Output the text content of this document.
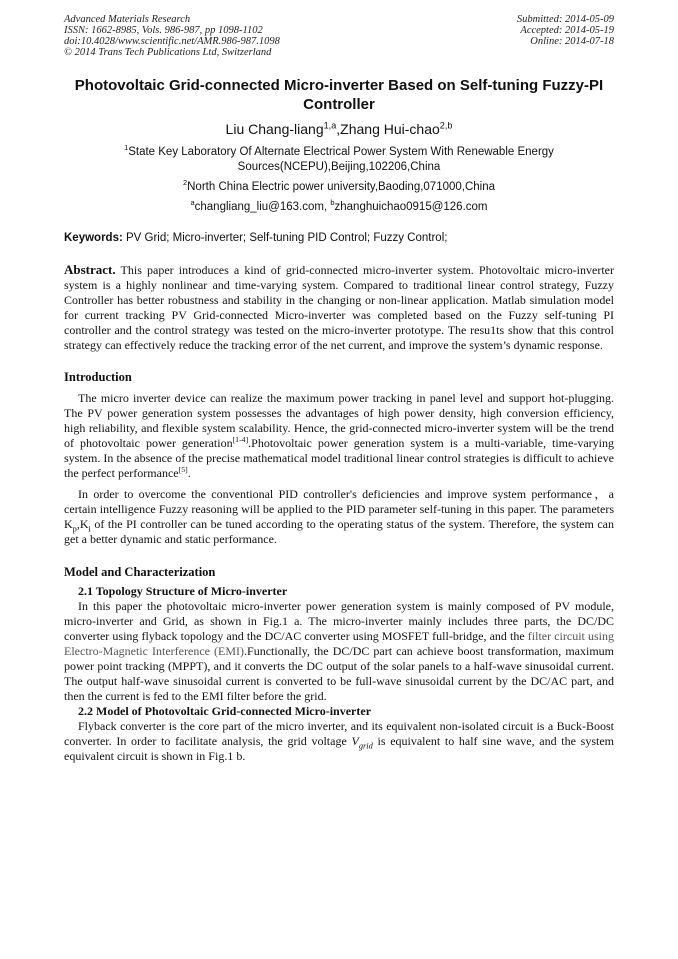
Advanced Materials Research
ISSN: 1662-8985, Vols. 986-987, pp 1098-1102
doi:10.4028/www.scientific.net/AMR.986-987.1098
© 2014 Trans Tech Publications Ltd, Switzerland
Submitted: 2014-05-09
Accepted: 2014-05-19
Online: 2014-07-18
Photovoltaic Grid-connected Micro-inverter Based on Self-tuning Fuzzy-PI Controller
Liu Chang-liang$^{1,a}$,Zhang Hui-chao$^{2,b}$
$^1$State Key Laboratory Of Alternate Electrical Power System With Renewable Energy Sources(NCEPU),Beijing,102206,China
$^2$North China Electric power university,Baoding,071000,China
$^a$changliang_liu@163.com, $^b$zhanghuichao0915@126.com
Keywords: PV Grid; Micro-inverter; Self-tuning PID Control; Fuzzy Control;
Abstract. This paper introduces a kind of grid-connected micro-inverter system. Photovoltaic micro-inverter system is a highly nonlinear and time-varying system. Compared to traditional linear control strategy, Fuzzy Controller has better robustness and stability in the changing or non-linear application. Matlab simulation model for current tracking PV Grid-connected Micro-inverter was completed based on the Fuzzy self-tuning PI controller and the control strategy was tested on the micro-inverter prototype. The resu1ts show that this control strategy can effectively reduce the tracking error of the net current, and improve the system’s dynamic response.
Introduction
The micro inverter device can realize the maximum power tracking in panel level and support hot-plugging. The PV power generation system possesses the advantages of high power density, high conversion efficiency, high reliability, and flexible system scalability. Hence, the grid-connected micro-inverter system will be the trend of photovoltaic power generation[1-4].Photovoltaic power generation system is a multi-variable, time-varying system. In the absence of the precise mathematical model traditional linear control strategies is difficult to achieve the perfect performance[5].
In order to overcome the conventional PID controller's deficiencies and improve system performance，a certain intelligence Fuzzy reasoning will be applied to the PID parameter self-tuning in this paper. The parameters $K_p,K_i$ of the PI controller can be tuned according to the operating status of the system. Therefore, the system can get a better dynamic and static performance.
Model and Characterization
2.1 Topology Structure of Micro-inverter
In this paper the photovoltaic micro-inverter power generation system is mainly composed of PV module, micro-inverter and Grid, as shown in Fig.1 a. The micro-inverter mainly includes three parts, the DC/DC converter using flyback topology and the DC/AC converter using MOSFET full-bridge, and the filter circuit using Electro-Magnetic Interference (EMI).Functionally, the DC/DC part can achieve boost transformation, maximum power point tracking (MPPT), and it converts the DC output of the solar panels to a half-wave sinusoidal current. The output half-wave sinusoidal current is converted to be full-wave sinusoidal current by the DC/AC part, and then the current is fed to the EMI filter before the grid.
2.2 Model of Photovoltaic Grid-connected Micro-inverter
Flyback converter is the core part of the micro inverter, and its equivalent non-isolated circuit is a Buck-Boost converter. In order to facilitate analysis, the grid voltage $V_{grid}$ is equivalent to half sine wave, and the system equivalent circuit is shown in Fig.1 b.
